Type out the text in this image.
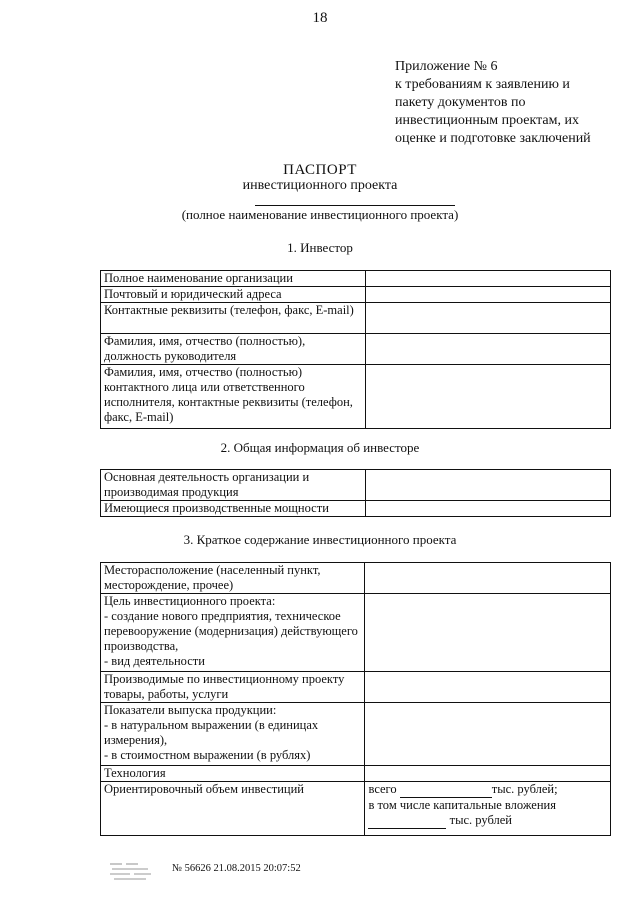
18
Приложение № 6
к требованиям к заявлению и
пакету документов по
инвестиционным проектам, их
оценке и подготовке заключений
ПАСПОРТ
инвестиционного проекта
(полное наименование инвестиционного проекта)
1. Инвестор
Полное наименование организации	
Почтовый и юридический адреса	
Контактные реквизиты (телефон, факс, E-mail)	
Фамилия, имя, отчество (полностью), должность руководителя	
Фамилия, имя, отчество (полностью) контактного лица или ответственного исполнителя, контактные реквизиты (телефон, факс, E-mail)	
2. Общая информация об инвесторе
Основная деятельность организации и производимая продукция	
Имеющиеся производственные мощности	
3. Краткое содержание инвестиционного проекта
Месторасположение (населенный пункт, месторождение, прочее)	

Цель инвестиционного проекта:
- создание нового предприятия, техническое перевооружение (модернизация) действующего производства,
- вид деятельности	

Производимые по инвестиционному проекту товары, работы, услуги	

Показатели выпуска продукции:
- в натуральном выражении (в единицах измерения),
- в стоимостном выражении (в рублях)	

Технология	
Ориентировочный объем инвестиций	всего тыс. рублей;
в том числе капитальные вложения
тыс. рублей
№ 56626 21.08.2015 20:07:52
